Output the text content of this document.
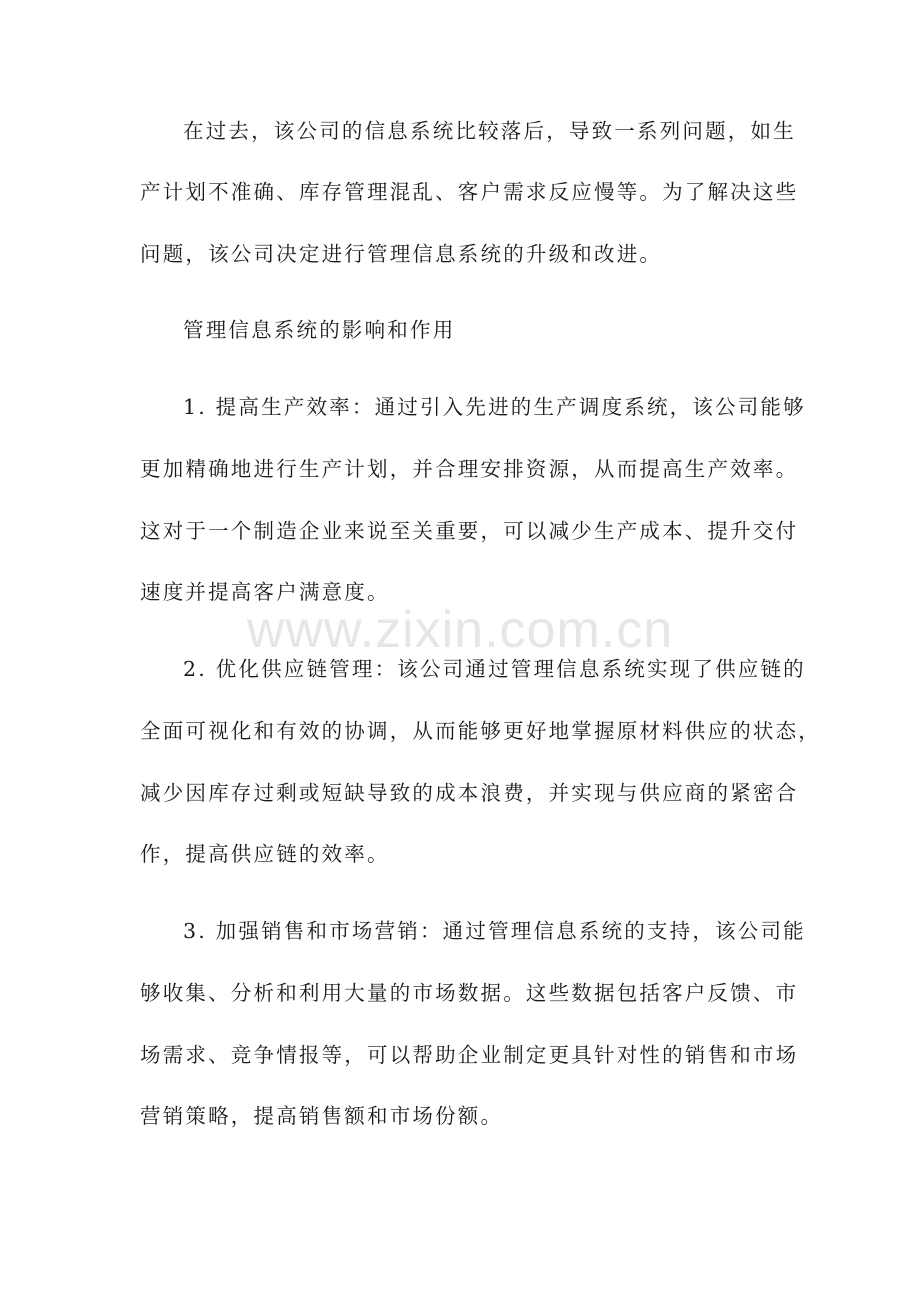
在过去，该公司的信息系统比较落后，导致一系列问题，如生
产计划不准确、库存管理混乱、客户需求反应慢等。为了解决这些
问题，该公司决定进行管理信息系统的升级和改进。
管理信息系统的影响和作用
1. 提高生产效率：通过引入先进的生产调度系统，该公司能够
更加精确地进行生产计划，并合理安排资源，从而提高生产效率。
这对于一个制造企业来说至关重要，可以减少生产成本、提升交付
速度并提高客户满意度。
2. 优化供应链管理：该公司通过管理信息系统实现了供应链的
全面可视化和有效的协调，从而能够更好地掌握原材料供应的状态，
减少因库存过剩或短缺导致的成本浪费，并实现与供应商的紧密合
作，提高供应链的效率。
3. 加强销售和市场营销：通过管理信息系统的支持，该公司能
够收集、分析和利用大量的市场数据。这些数据包括客户反馈、市
场需求、竞争情报等，可以帮助企业制定更具针对性的销售和市场
营销策略，提高销售额和市场份额。
www.zixin.com.cn
